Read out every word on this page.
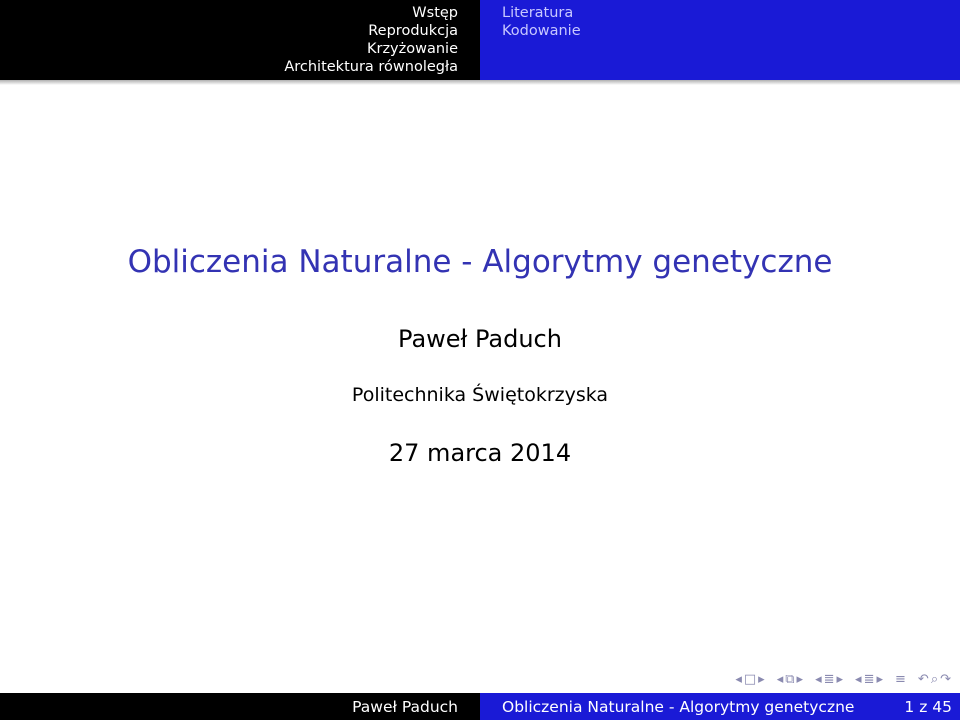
Wstęp
Reprodukcja
Krzyżowanie
Architektura równoległa
Literatura
Kodowanie
Obliczenia Naturalne - Algorytmy genetyczne
Paweł Paduch
Politechnika Świętokrzyska
27 marca 2014
◂ □ ▸ ◂ ⧉ ▸ ◂ ≣ ▸ ◂ ≣ ▸ ≡ ↶ ⌕ ↷
Paweł Paduch	Obliczenia Naturalne - Algorytmy genetyczne	1 z 45
